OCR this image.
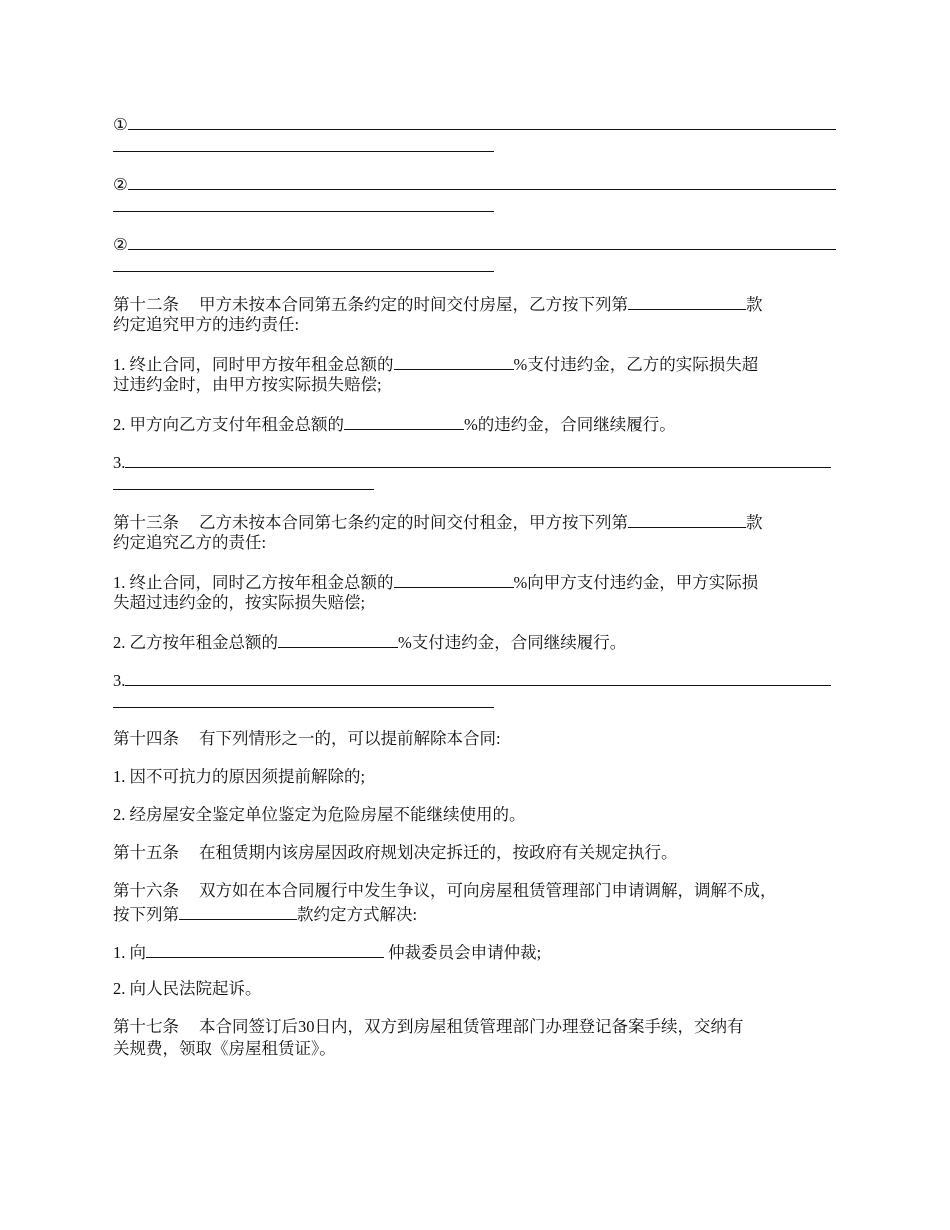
①
②
②
第十二条 甲方未按本合同第五条约定的时间交付房屋，乙方按下列第	款
约定追究甲方的违约责任:
1. 终止合同，同时甲方按年租金总额的	%支付违约金，乙方的实际损失超
过违约金时，由甲方按实际损失赔偿;
2. 甲方向乙方支付年租金总额的	%的违约金，合同继续履行。
3.
第十三条 乙方未按本合同第七条约定的时间交付租金，甲方按下列第	款
约定追究乙方的责任:
1. 终止合同，同时乙方按年租金总额的	%向甲方支付违约金，甲方实际损
失超过违约金的，按实际损失赔偿;
2. 乙方按年租金总额的	%支付违约金，合同继续履行。
3.
第十四条 有下列情形之一的，可以提前解除本合同:
1. 因不可抗力的原因须提前解除的;
2. 经房屋安全鉴定单位鉴定为危险房屋不能继续使用的。
第十五条 在租赁期内该房屋因政府规划决定拆迁的，按政府有关规定执行。
第十六条 双方如在本合同履行中发生争议，可向房屋租赁管理部门申请调解，调解不成，
按下列第	款约定方式解决:
1. 向	仲裁委员会申请仲裁;
2. 向人民法院起诉。
第十七条 本合同签订后30日内，双方到房屋租赁管理部门办理登记备案手续，交纳有
关规费，领取《房屋租赁证》。
